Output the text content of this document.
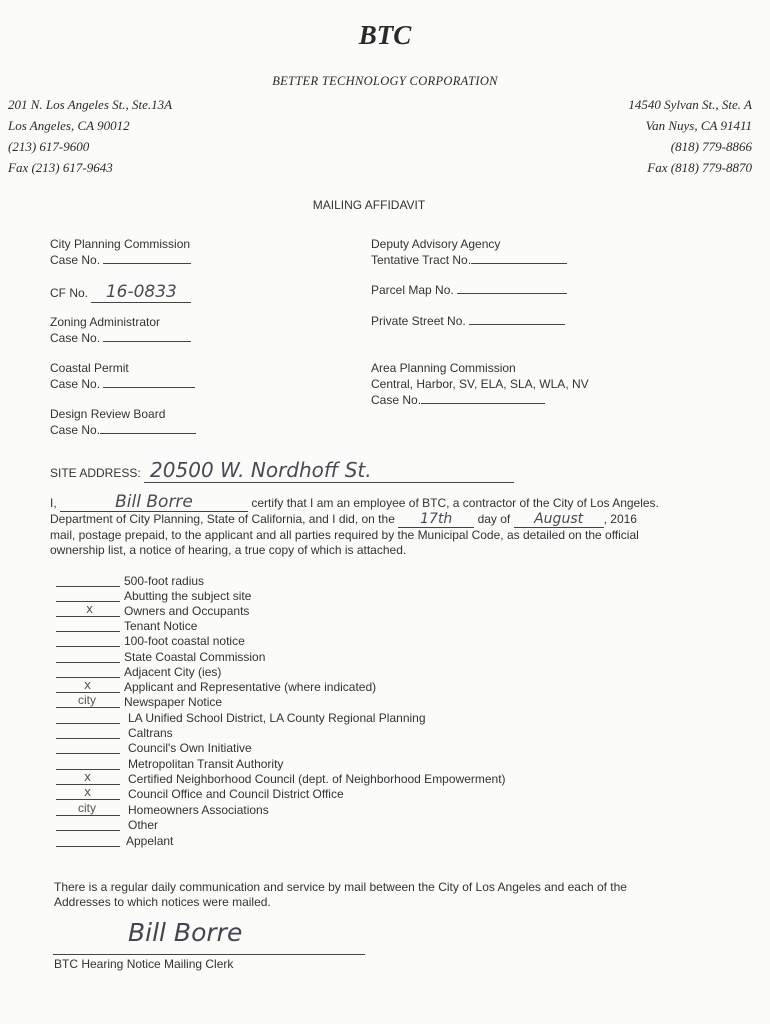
BTC
BETTER TECHNOLOGY CORPORATION
201 N. Los Angeles St., Ste.13A
Los Angeles, CA 90012
(213) 617-9600
Fax (213) 617-9643
14540 Sylvan St., Ste. A
Van Nuys, CA 91411
(818) 779-8866
Fax (818) 779-8870
MAILING AFFIDAVIT
City Planning Commission
Case No.
CF No. 16-0833
Zoning Administrator
Case No.
Coastal Permit
Case No.
Design Review Board
Case No.
Deputy Advisory Agency
Tentative Tract No.
Parcel Map No.
Private Street No.
Area Planning Commission
Central, Harbor, SV, ELA, SLA, WLA, NV
Case No.
SITE ADDRESS: 20500 W. Nordhoff St.
I,	Bill Borre	certify that I am an employee of BTC, a contractor of the City of Los Angeles.
Department of City Planning, State of California, and I did, on the 17th day of August , 2016
mail, postage prepaid, to the applicant and all parties required by the Municipal Code, as detailed on the official
ownership list, a notice of hearing, a true copy of which is attached.
500-foot radius
Abutting the subject site
x	Owners and Occupants
Tenant Notice
100-foot coastal notice
State Coastal Commission
Adjacent City (ies)
x	Applicant and Representative (where indicated)
city Newspaper Notice
LA Unified School District, LA County Regional Planning
Caltrans
Council's Own Initiative
Metropolitan Transit Authority
x	Certified Neighborhood Council (dept. of Neighborhood Empowerment)
x	Council Office and Council District Office
city	Homeowners Associations
Other
Appelant
There is a regular daily communication and service by mail between the City of Los Angeles and each of the
Addresses to which notices were mailed.
Bill Borre
BTC Hearing Notice Mailing Clerk
